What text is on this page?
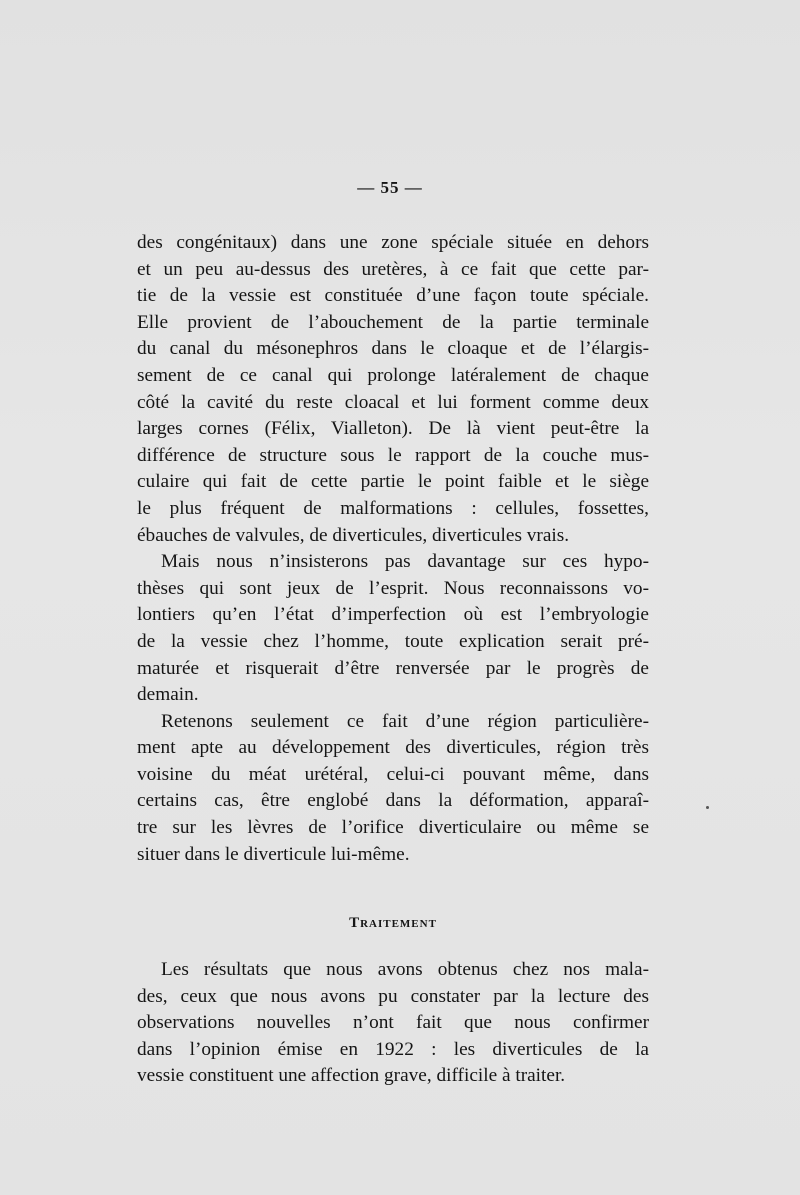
— 55 —
des congénitaux) dans une zone spéciale située en dehors
et un peu au-dessus des uretères, à ce fait que cette par-
tie de la vessie est constituée d’une façon toute spéciale.
Elle provient de l’abouchement de la partie terminale
du canal du mésonephros dans le cloaque et de l’élargis-
sement de ce canal qui prolonge latéralement de chaque
côté la cavité du reste cloacal et lui forment comme deux
larges cornes (Félix, Vialleton). De là vient peut-être la
différence de structure sous le rapport de la couche mus-
culaire qui fait de cette partie le point faible et le siège
le plus fréquent de malformations : cellules, fossettes,
ébauches de valvules, de diverticules, diverticules vrais.
Mais nous n’insisterons pas davantage sur ces hypo-
thèses qui sont jeux de l’esprit. Nous reconnaissons vo-
lontiers qu’en l’état d’imperfection où est l’embryologie
de la vessie chez l’homme, toute explication serait pré-
maturée et risquerait d’être renversée par le progrès de
demain.
Retenons seulement ce fait d’une région particulière-
ment apte au développement des diverticules, région très
voisine du méat urétéral, celui-ci pouvant même, dans
certains cas, être englobé dans la déformation, apparaî-
tre sur les lèvres de l’orifice diverticulaire ou même se
situer dans le diverticule lui-même.
Traitement
Les résultats que nous avons obtenus chez nos mala-
des, ceux que nous avons pu constater par la lecture des
observations nouvelles n’ont fait que nous confirmer
dans l’opinion émise en 1922 : les diverticules de la
vessie constituent une affection grave, difficile à traiter.
